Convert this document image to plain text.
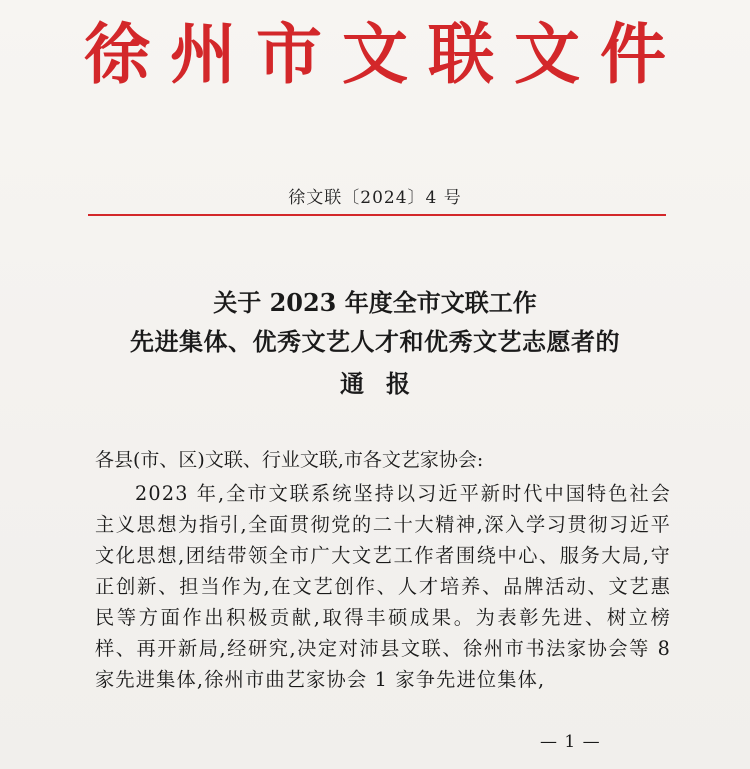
徐州市文联文件
徐文联〔2024〕4 号
关于 2023 年度全市文联工作
先进集体、优秀文艺人才和优秀文艺志愿者的
通报
各县(市、区)文联、行业文联,市各文艺家协会:
2023 年,全市文联系统坚持以习近平新时代中国特色社会主义思想为指引,全面贯彻党的二十大精神,深入学习贯彻习近平文化思想,团结带领全市广大文艺工作者围绕中心、服务大局,守正创新、担当作为,在文艺创作、人才培养、品牌活动、文艺惠民等方面作出积极贡献,取得丰硕成果。为表彰先进、树立榜样、再开新局,经研究,决定对沛县文联、徐州市书法家协会等 8 家先进集体,徐州市曲艺家协会 1 家争先进位集体,
— 1 —
